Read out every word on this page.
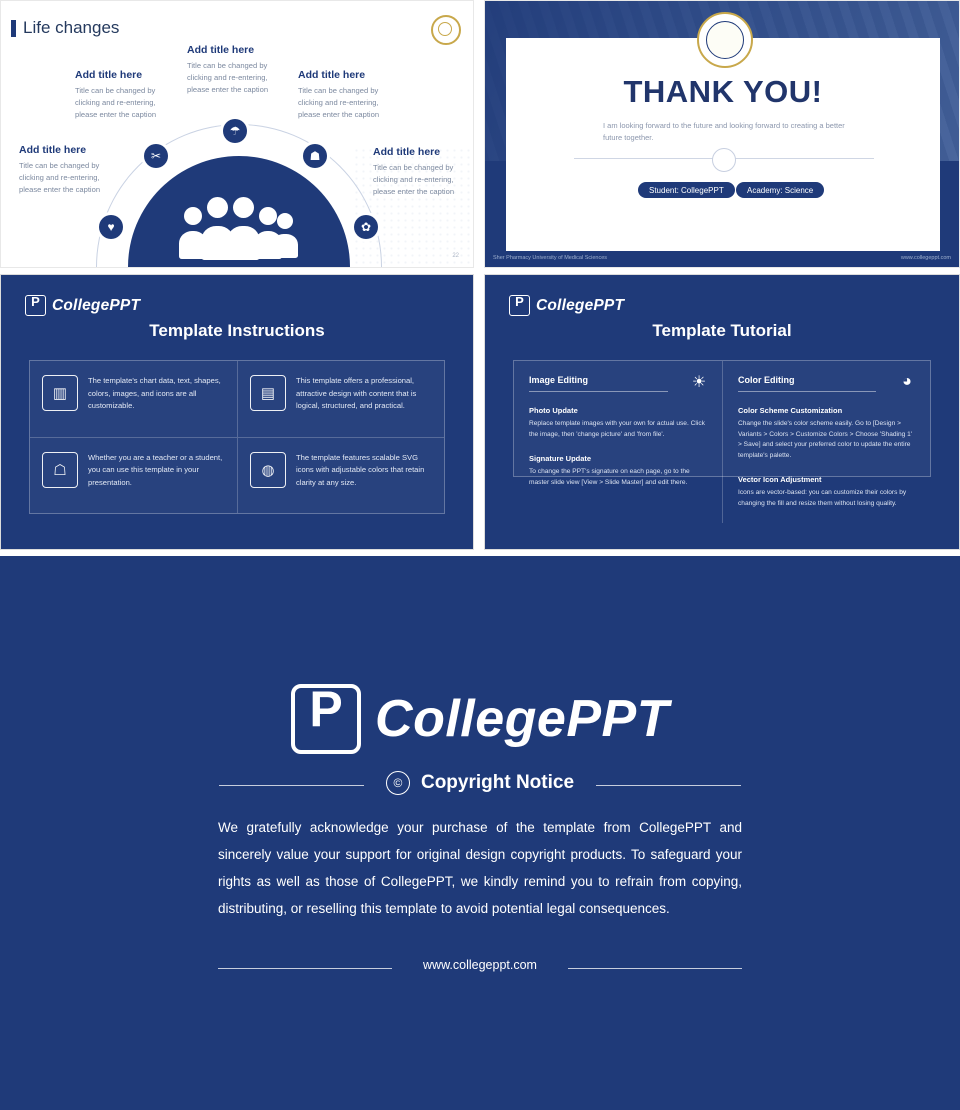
Life changes
✂
☂
☗
✿
♥
Add title here

Title can be changed by clicking and re-entering, please enter the caption

Add title here

Title can be changed by clicking and re-entering, please enter the caption

Add title here

Title can be changed by clicking and re-entering, please enter the caption

Add title here

Title can be changed by clicking and re-entering, please enter the caption

Add title here

Title can be changed by clicking and re-entering, please enter the caption

22
THANK YOU!
I am looking forward to the future and looking forward to creating a better future together.
Student: CollegePPT	Academy: Science
Sher Pharmacy University of Medical Sciences	www.collegeppt.com
P
CollegePPT
Template Instructions
▥

The template's chart data, text, shapes, colors, images, and icons are all customizable.

▤

This template offers a professional, attractive design with content that is logical, structured, and practical.

☖

Whether you are a teacher or a student, you can use this template in your presentation.

◍

The template features scalable SVG icons with adjustable colors that retain clarity at any size.

P
CollegePPT
Template Tutorial
☀
Image Editing
Photo Update

Replace template images with your own for actual use. Click the image, then 'change picture' and 'from file'.

Signature Update

To change the PPT's signature on each page, go to the master slide view [View > Slide Master] and edit there.

◕
Color Editing
Color Scheme Customization

Change the slide's color scheme easily. Go to [Design > Variants > Colors > Customize Colors > Choose 'Shading 1' > Save] and select your preferred color to update the entire template's palette.

Vector Icon Adjustment

Icons are vector-based: you can customize their colors by changing the fill and resize them without losing quality.

P
CollegePPT
© Copyright Notice
We gratefully acknowledge your purchase of the template from CollegePPT and sincerely value your support for original design copyright products. To safeguard your rights as well as those of CollegePPT, we kindly remind you to refrain from copying, distributing, or reselling this template to avoid potential legal consequences.
www.collegeppt.com
